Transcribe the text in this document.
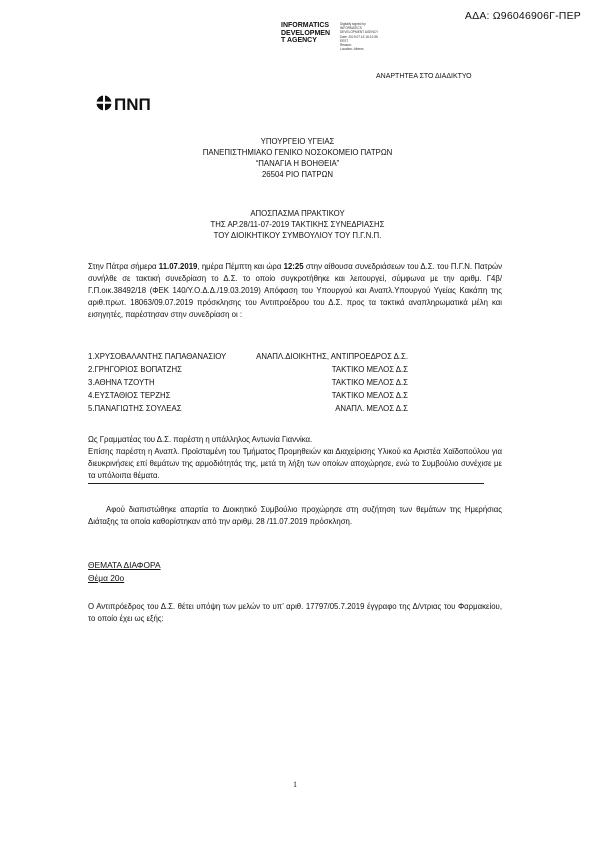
ΑΔΑ: Ω96046906Γ-ΠΕΡ
INFORMATICS
DEVELOPMEN
T AGENCY
Digitally signed by
INFORMATICS
DEVELOPMENT AGENCY
Date: 2019.07.15 16:12:56
EEST
Reason:
Location: Athens
ΑΝΑΡΤΗΤΕΑ ΣΤΟ ΔΙΑΔΙΚΤΥΟ
ΠΝΠ
ΥΠΟΥΡΓΕΙΟ ΥΓΕΙΑΣ
ΠΑΝΕΠΙΣΤΗΜΙΑΚΟ ΓΕΝΙΚΟ ΝΟΣΟΚΟΜΕΙΟ ΠΑΤΡΩΝ
“ΠΑΝΑΓΙΑ Η ΒΟΗΘΕΙΑ”
26504 ΡΙΟ ΠΑΤΡΩΝ
ΑΠΟΣΠΑΣΜΑ ΠΡΑΚΤΙΚΟΥ
ΤΗΣ ΑΡ.28/11-07-2019 ΤΑΚΤΙΚΗΣ ΣΥΝΕΔΡΙΑΣΗΣ
ΤΟΥ ΔΙΟΙΚΗΤΙΚΟΥ ΣΥΜΒΟΥΛΙΟΥ ΤΟΥ Π.Γ.Ν.Π.
Στην Πάτρα σήμερα 11.07.2019, ημέρα Πέμπτη και ώρα 12:25 στην αίθουσα συνεδριάσεων του Δ.Σ. του Π.Γ.Ν. Πατρών συνήλθε σε τακτική συνεδρίαση το Δ.Σ. το οποίο συγκροτήθηκε και λειτουργεί, σύμφωνα με την αριθμ. Γ4β/Γ.Π.οικ.38492/18 (ΦΕΚ 140/Υ.Ο.Δ.Δ./19.03.2019) Απόφαση του Υπουργού και Αναπλ.Υπουργού Υγείας Κακάπη της αριθ.πρωτ. 18063/09.07.2019 πρόσκλησης του Αντιπροέδρου του Δ.Σ. προς τα τακτικά αναπληρωματικά μέλη και εισηγητές, παρέστησαν στην συνεδρίαση οι :
1.ΧΡΥΣΟΒΑΛΑΝΤΗΣ ΠΑΠΑΘΑΝΑΣΙΟΥ	ΑΝΑΠΛ.ΔΙΟΙΚΗΤΗΣ, ΑΝΤΙΠΡΟΕΔΡΟΣ Δ.Σ.
2.ΓΡΗΓΟΡΙΟΣ ΒΟΠΑΤΖΗΣ	ΤΑΚΤΙΚΟ ΜΕΛΟΣ Δ.Σ
3.ΑΘΗΝΑ ΤΖΟΥΤΗ	ΤΑΚΤΙΚΟ ΜΕΛΟΣ Δ.Σ
4.ΕΥΣΤΑΘΙΟΣ ΤΕΡΖΗΣ	ΤΑΚΤΙΚΟ ΜΕΛΟΣ Δ.Σ
5.ΠΑΝΑΓΙΩΤΗΣ ΣΟΥΛΕΑΣ	ΑΝΑΠΛ. ΜΕΛΟΣ Δ.Σ
Ως Γραμματέας του Δ.Σ. παρέστη η υπάλληλος Αντωνία Γιαννίκα.
Επίσης παρέστη η Αναπλ. Προϊσταμένη του Τμήματος Προμηθειών και Διαχείρισης Υλικού κα Αριστέα Χαϊδοπούλου για διευκρινήσεις επί θεμάτων της αρμοδιότητάς της, μετά τη λήξη των οποίων αποχώρησε, ενώ το Συμβούλιο συνέχισε με τα υπόλοιπα θέματα.
Αφού διαπιστώθηκε απαρτία το Διοικητικό Συμβούλιο προχώρησε στη συζήτηση των θεμάτων της Ημερήσιας Διάταξης τα οποία καθορίστηκαν από την αριθμ. 28 /11.07.2019 πρόσκληση.
ΘΕΜΑΤΑ ΔΙΑΦΟΡΑ
Θέμα 20ο
Ο Αντιπρόεδρος του Δ.Σ. θέτει υπόψη των μελών το υπ’ αριθ. 17797/05.7.2019 έγγραφο της Δ/ντριας του Φαρμακείου, το οποίο έχει ως εξής:
1
